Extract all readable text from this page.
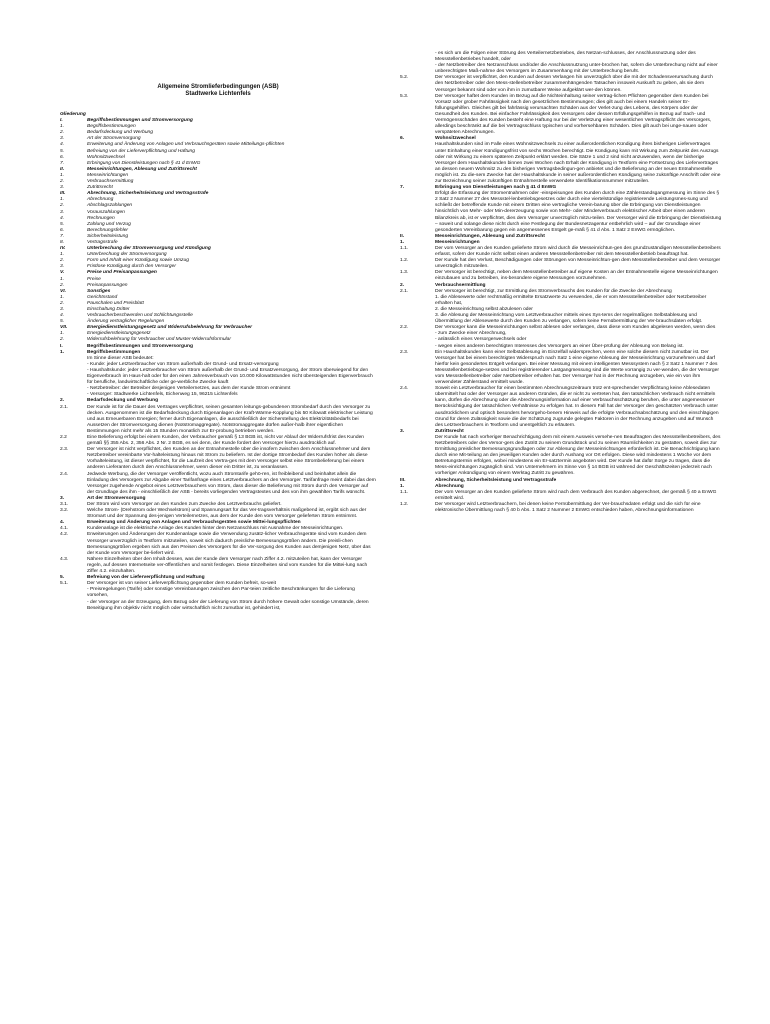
Allgemeine Stromlieferbedingungen (ASB)

Stadtwerke Lichtenfels

Gliederung
I.	Begriffsbestimmungen und Stromversorgung
1.	Begriffsbestimmungen
2.	Bedarfsdeckung und Werbung
3.	Art der Stromversorgung
4.	Erweiterung und Änderung von Anlagen und Verbrauchsgeräten sowie Mitteilungs-pflichten
5.	Befreiung von der Lieferverpflichtung und Haftung
6.	Wohnsitzwechsel
7.	Erbringung von Dienstleistungen nach § 41 d EnWG
II.	Messeinrichtungen, Ablesung und Zutrittsrecht
1.	Messeinrichtungen
2.	Verbrauchsermittlung
3.	Zutrittsrecht
III.	Abrechnung, Sicherheitsleistung und Vertragsstrafe
1.	Abrechnung
2.	Abschlagszahlungen
3.	Vorauszahlungen
4.	Rechnungen
5.	Zahlung und Verzug
6.	Berechnungsfehler
7.	Sicherheitsleistung
8.	Vertragsstrafe
IV.	Unterbrechung der Stromversorgung und Kündigung
1.	Unterbrechung der Stromversorgung
2.	Form und Inhalt einer Kündigung sowie Umzug
3.	Fristlose Kündigung durch den Versorger
V.	Preise und Preisanpassungen
1.	Preise
2.	Preisanpassungen
VI.	Sonstiges
1.	Gerichtsstand
2.	Pauschalen und Preisblatt
3.	Einschaltung Dritter
4.	Verbraucherbeschwerden und Schlichtungsstelle
5.	Änderung vertraglicher Regelungen
VII.	Energiedienstleistungsgesetz und Widerrufsbelehrung für Verbraucher
1.	Energiedienstleistungsgesetz
2.	Widerrufsbelehrung für Verbraucher und Muster-Widerrufsformular
I.	Begriffsbestimmungen und Stromversorgung
1.	Begriffsbestimmungen
Im Sinne dieser ASB bedeutet:
- Kunde: jeder Letztverbraucher von Strom außerhalb der Grund- und Ersatz-versorgung
- Haushaltskunde: jeder Letztverbraucher von Strom außerhalb der Grund- und Ersatzversorgung, der Strom überwiegend für den Eigenverbrauch im Haus-halt oder für den einen Jahresverbrauch von 10.000 Kilowattstunden nicht übersteigenden Eigenverbrauch für berufliche, landwirtschaftliche oder ge-werbliche Zwecke kauft
- Netzbetreiber: der Betreiber desjenigen Verteilernetzes, aus dem der Kunde Strom entnimmt
- Versorger: Stadtwerke Lichtenfels, Eichenweg 15, 96215 Lichtenfels
2.	Bedarfsdeckung und Werbung
2.1.	Der Kunde ist für die Dauer des Vertrages verpflichtet, seinen gesamten leitungs-gebundenen Strombedarf durch den Versorger zu decken. Ausgenommen ist die Bedarfsdeckung durch Eigenanlagen der Kraft-Wärme-Kopplung bis 50 Kilowatt elektrischer Leistung und aus Erneuerbaren Energien; ferner durch Eigenanlagen, die ausschließlich der Sicherstellung des Elektrizitätsbedarfs bei Aussetzen der Stromversorgung dienen (Notstromaggregate). Notstromaggregate dürfen außer-halb ihrer eigentlichen Bestimmungen nicht mehr als 15 Stunden monatlich zur Er-probung betrieben werden.
2.2	Eine Belieferung erfolgt bei einem Kunden, der Verbraucher gemäß § 13 BGB ist, nicht vor Ablauf der Widerrufsfrist des Kunden gemäß §§ 355 Abs. 2, 356 Abs. 2 Nr. 2 BGB, es sei denn, der Kunde fordert den Versorger hierzu ausdrücklich auf.
2.3.	Der Versorger ist nicht verpflichtet, den Kunden an der Entnahmestelle über die insofern zwischen dem Anschlussnehmer und dem Netzbetreiber vereinbarte Vor-halteleistung hinaus mit Strom zu beliefern. Ist der dortige Strombedarf des Kunden höher als diese Vorhalteleistung, ist dieser verpflichtet, für die Laufzeit des Vertra-ges mit dem Versorger selbst eine Strombelieferung bei einem anderen Lieferanten durch den Anschlussnehmer, wenn dieser ein Dritter ist, zu veranlassen.
2.4.	Jedwede Werbung, die der Versorger veröffentlicht, wozu auch Stromtarife gehö-ren, ist freibleibend und beinhaltet allein die Einladung des Versorgers zur Abgabe einer Tarifanfrage eines Letztverbrauchers an den Versorger. Tarifanfrage meint dabei das dem Versorger zugehende Angebot eines Letztverbrauchers von Strom, dass dieser die Belieferung mit Strom durch den Versorger auf der Grundlage des ihm - einschließlich der ASB - bereits vorliegenden Vertragstextes und des von ihm gewählten Tarifs wünscht.
3.	Art der Stromversorgung
3.1.	Der Strom wird vom Versorger an den Kunden zum Zwecke des Letztverbrauchs geliefert.
3.2.	Welche Strom- (Drehstrom oder Wechselstrom) und Spannungsart für das Ver-tragsverhältnis maßgebend ist, ergibt sich aus der Stromart und der Spannung des-jenigen Verteilernetzes, aus dem der Kunde den vom Versorger gelieferten Strom entnimmt.
4.	Erweiterung und Änderung von Anlagen und Verbrauchsgeräten sowie Mittei-lungspflichten
4.1.	Kundenanlage ist die elektrische Anlage des Kunden hinter dem Netzanschluss mit Ausnahme der Messeinrichtungen.
4.2.	Erweiterungen und Änderungen der Kundenanlage sowie die Verwendung zusätz-licher Verbrauchsgeräte sind vom Kunden dem Versorger unverzüglich in Textform mitzuteilen, soweit sich dadurch preisliche Bemessungsgrößen ändern. Die preisli-chen Bemessungsgrößen ergeben sich aus den Preisen des Versorgers für die Ver-sorgung des Kunden aus demjenigen Netz, über das der Kunde vom Versorger be-liefert wird.
4.3.	Nähere Einzelheiten über den Inhalt dessen, was der Kunde dem Versorger nach Ziffer 4.2. mitzuteilen hat, kann der Versorger regeln, auf dessen Internetseite ver-öffentlichen und somit festlegen. Diese Einzelheiten sind vom Kunden für die Mittei-lung nach Ziffer 4.2. einzuhalten.
5.	Befreiung von der Lieferverpflichtung und Haftung
5.1.	Der Versorger ist von seiner Lieferverpflichtung gegenüber dem Kunden befreit, so-weit
- Preisregelungen (Tarife) oder sonstige Vereinbarungen zwischen den Par-teien zeitliche Beschränkungen für die Lieferung vorsehen,
- der Versorger an der Erzeugung, dem Bezug oder der Lieferung von Strom durch höhere Gewalt oder sonstige Umstände, deren Beseitigung ihm objektiv nicht möglich oder wirtschaftlich nicht zumutbar ist, gehindert ist,
- es sich um die Folgen einer Störung des Verteilernetzbetriebes, des Netzan-schlusses, der Anschlussnutzung oder des Messstellenbetriebes handelt, oder
- der Netzbetreiber den Netzanschluss und/oder die Anschlussnutzung unter-brochen hat, sofern die Unterbrechung nicht auf einer unberechtigten Maß-nahme des Versorgers im Zusammenhang mit der Unterbrechung beruht.
5.2.	Der Versorger ist verpflichtet, den Kunden auf dessen Verlangen hin unverzüglich über die mit der Schadensverursachung durch den Netzbetreiber oder den Mess-stellenbetreiber zusammenhängenden Tatsachen insoweit Auskunft zu geben, als sie dem Versorger bekannt sind oder von ihm in zumutbarer Weise aufgeklärt wer-den können.
5.3.	Der Versorger haftet dem Kunden im Bezug auf die Nichteinhaltung seiner vertrag-lichen Pflichten gegenüber dem Kunden bei Vorsatz oder grober Fahrlässigkeit nach den gesetzlichen Bestimmungen; dies gilt auch bei einem Handeln seiner Er-füllungsgehilfen. Gleiches gilt bei fahrlässig verursachten Schäden aus der Verlet-zung des Lebens, des Körpers oder der Gesundheit des Kunden. Bei einfacher Fahrlässigkeit des Versorgers oder dessen Erfüllungsgehilfen in Bezug auf Sach- und Vermögensschäden des Kunden besteht eine Haftung nur bei der Verletzung einer wesentlichen Vertragspflicht des Versorgers, allerdings beschränkt auf die bei Vertragsschluss typischen und vorhersehbaren Schäden. Dies gilt auch bei unge-nauen oder verspäteten Abrechnungen.
6.	Wohnsitzwechsel
Haushaltskunden sind im Falle eines Wohnsitzwechsels zu einer außerordentlichen Kündigung ihres bisherigen Liefervertrages unter Einhaltung einer Kündigungsfrist von sechs Wochen berechtigt. Die Kündigung kann mit Wirkung zum Zeitpunkt des Auszugs oder mit Wirkung zu einem späteren Zeitpunkt erklärt werden. Die Sätze 1 und 2 sind nicht anzuwenden, wenn der bisherige Versorger dem Haushaltskunden binnen zwei Wochen nach Erhalt der Kündigung in Textform eine Fortsetzung des Liefervertrages an dessen neuem Wohnsitz zu den bisherigen Vertragsbedingun-gen anbietet und die Belieferung an der neuen Entnahmestelle möglich ist. Zu die-sem Zwecke hat der Haushaltskunde in seiner außerordentlichen Kündigung seine zukünftige Anschrift oder eine zur Bezeichnung seiner zukünftigen Entnahmestelle verwendete Identifikationsnummer mitzuteilen.
7.	Erbringung von Dienstleistungen nach § 41 d EnWG
Erfolgt die Erfassung der Stromentnahmen oder -einspeisungen des Kunden durch eine Zählerstandsgangmessung im Sinne des § 2 Satz 2 Nummer 27 des Messstel-lenbetriebsgesetzes oder durch eine viertelstündige registrierende Leistungsmes-sung und schließt der betreffende Kunde mit einem Dritten eine vertragliche Verein-barung über die Erbringung von Dienstleistungen hinsichtlich von Mehr- oder Min-dererzeugung sowie von Mehr- oder Minderverbrauch elektrischer Arbeit über einen anderen Bilanzkreis ab, ist er verpflichtet, dies dem Versorger unverzüglich mitzu-teilen. Der Versorger wird die Erbringung der Dienstleistung – soweit und solange diese nicht durch eine Festlegung der Bundesnetzagentur entbehrlich wird – auf der Grundlage einer gesonderten Vereinbarung gegen ein angemessenes Entgelt ge-mäß § 41 d Abs. 1 Satz 2 EnWG ermöglichen.
II.	Messeinrichtungen, Ablesung und Zutrittsrecht
1.	Messeinrichtungen
1.1.	Der vom Versorger an den Kunden gelieferte Strom wird durch die Messeinrichtun-gen des grundzuständigen Messstellenbetreibers erfasst, sofern der Kunde nicht selbst einen anderen Messstellenbetreiber mit dem Messstellenbetrieb beauftragt hat.
1.2.	Der Kunde hat den Verlust, Beschädigungen oder Störungen von Messeinrichtun-gen dem Messstellenbetreiber und dem Versorger unverzüglich mitzuteilen.
1.3.	Der Versorger ist berechtigt, neben dem Messstellenbetreiber auf eigene Kosten an der Entnahmestelle eigene Messeinrichtungen einzubauen und zu betreiben, ins-besondere eigene Messungen vorzunehmen.
2.	Verbrauchsermittlung
2.1.	Der Versorger ist berechtigt, zur Ermittlung des Stromverbrauchs des Kunden für die Zwecke der Abrechnung
1. die Ablesewerte oder rechtmäßig ermittelte Ersatzwerte zu verwenden, die er vom Messstellenbetreiber oder Netzbetreiber erhalten hat,
2. die Messeinrichtung selbst abzulesen oder
3. die Ablesung der Messeinrichtung vom Letztverbraucher mittels eines Sys-tems der regelmäßigen Selbstablesung und Übermittlung der Ablesewerte durch den Kunden zu verlangen, sofern keine Fernübermittlung der Ver-brauchsdaten erfolgt.
2.2.	Der Versorger kann die Messeinrichtungen selbst ablesen oder verlangen, dass diese vom Kunden abgelesen werden, wenn dies
- zum Zwecke einer Abrechnung,
- anlässlich eines Versorgerwechsels oder
- wegen eines anderen berechtigten Interesses des Versorgers an einer Über-prüfung der Ablesung von Belang ist.
2.3.	Ein Haushaltskunden kann einer Selbstablesung im Einzelfall widersprechen, wenn eine solche diesem nicht zumutbar ist. Der Versorger hat bei einem berechtigten Widerspruch nach Satz 1 eine eigene Ablesung der Messeinrichtung vorzunehmen und darf hierfür kein gesondertes Entgelt verlangen. Bei einer Messung mit einem intelligenten Messsystem nach § 2 Satz 1 Nummer 7 des Messstellenbetriebsge-setzes und bei registrierender Lastgangmessung sind die Werte vorrangig zu ver-wenden, die der Versorger vom Messstellenbetreiber oder Netzbetreiber erhalten hat. Der Versorger hat in der Rechnung anzugeben, wie ein von ihm verwendeter Zählerstand ermittelt wurde.
2.4.	Soweit ein Letztverbraucher für einen bestimmten Abrechnungszeitraum trotz ent-sprechender Verpflichtung keine Ablesedaten übermittelt hat oder der Versorger aus anderen Gründen, die er nicht zu vertreten hat, den tatsächlichen Verbrauch nicht ermitteln kann, dürfen die Abrechnung oder die Abrechnungsinformation auf einer Verbrauchsschätzung beruhen, die unter angemessener Berücksichtigung der tatsächlichen Verhältnisse zu erfolgen hat. In diesem Fall hat der Versorger den geschätzten Verbrauch unter ausdrücklichem und optisch besonders hervorgeho-benem Hinweis auf die erfolgte Verbrauchsabschätzung und den einschlägigen Grund für deren Zulässigkeit sowie die der Schätzung zugrunde gelegten Faktoren in der Rechnung anzugeben und auf Wunsch des Letztverbrauchers in Textform und unentgeltlich zu erläutern.
3.	Zutrittsrecht
Der Kunde hat nach vorheriger Benachrichtigung dem mit einem Ausweis versehe-nen Beauftragten des Messstellenbetreibers, des Netzbetreibers oder des Versor-gers den Zutritt zu seinem Grundstück und zu seinen Räumlichkeiten zu gestatten, soweit dies zur Ermittlung preislicher Bemessungsgrundlagen oder zur Ablesung der Messeinrichtungen erforderlich ist. Die Benachrichtigung kann durch eine Mit-teilung an den jeweiligen Kunden oder durch Aushang vor Ort erfolgen. Diese wird mindestens 1 Woche vor dem Betretungstermin erfolgen, wobei mindestens ein Er-satztermin angeboten wird. Der Kunde hat dafür Sorge zu tragen, dass die Mess-einrichtungen zugänglich sind. Von Unternehmern im Sinne von § 14 BGB ist während der Geschäftszeiten jederzeit nach vorheriger Ankündigung von einem Werktag Zutritt zu gewähren.
III.	Abrechnung, Sicherheitsleistung und Vertragsstrafe
1.	Abrechnung
1.1.	Der vom Versorger an den Kunden gelieferte Strom wird nach dem Verbrauch des Kunden abgerechnet, der gemäß § 40 a EnWG ermittelt wird.
1.2.	Der Versorger wird Letztverbrauchern, bei denen keine Fernübermittlung der Ver-brauchsdaten erfolgt und die sich für eine elektronische Übermittlung nach § 40 b Abs. 1 Satz 2 Nummer 2 EnWG entschieden haben, Abrechnungsinformationen
